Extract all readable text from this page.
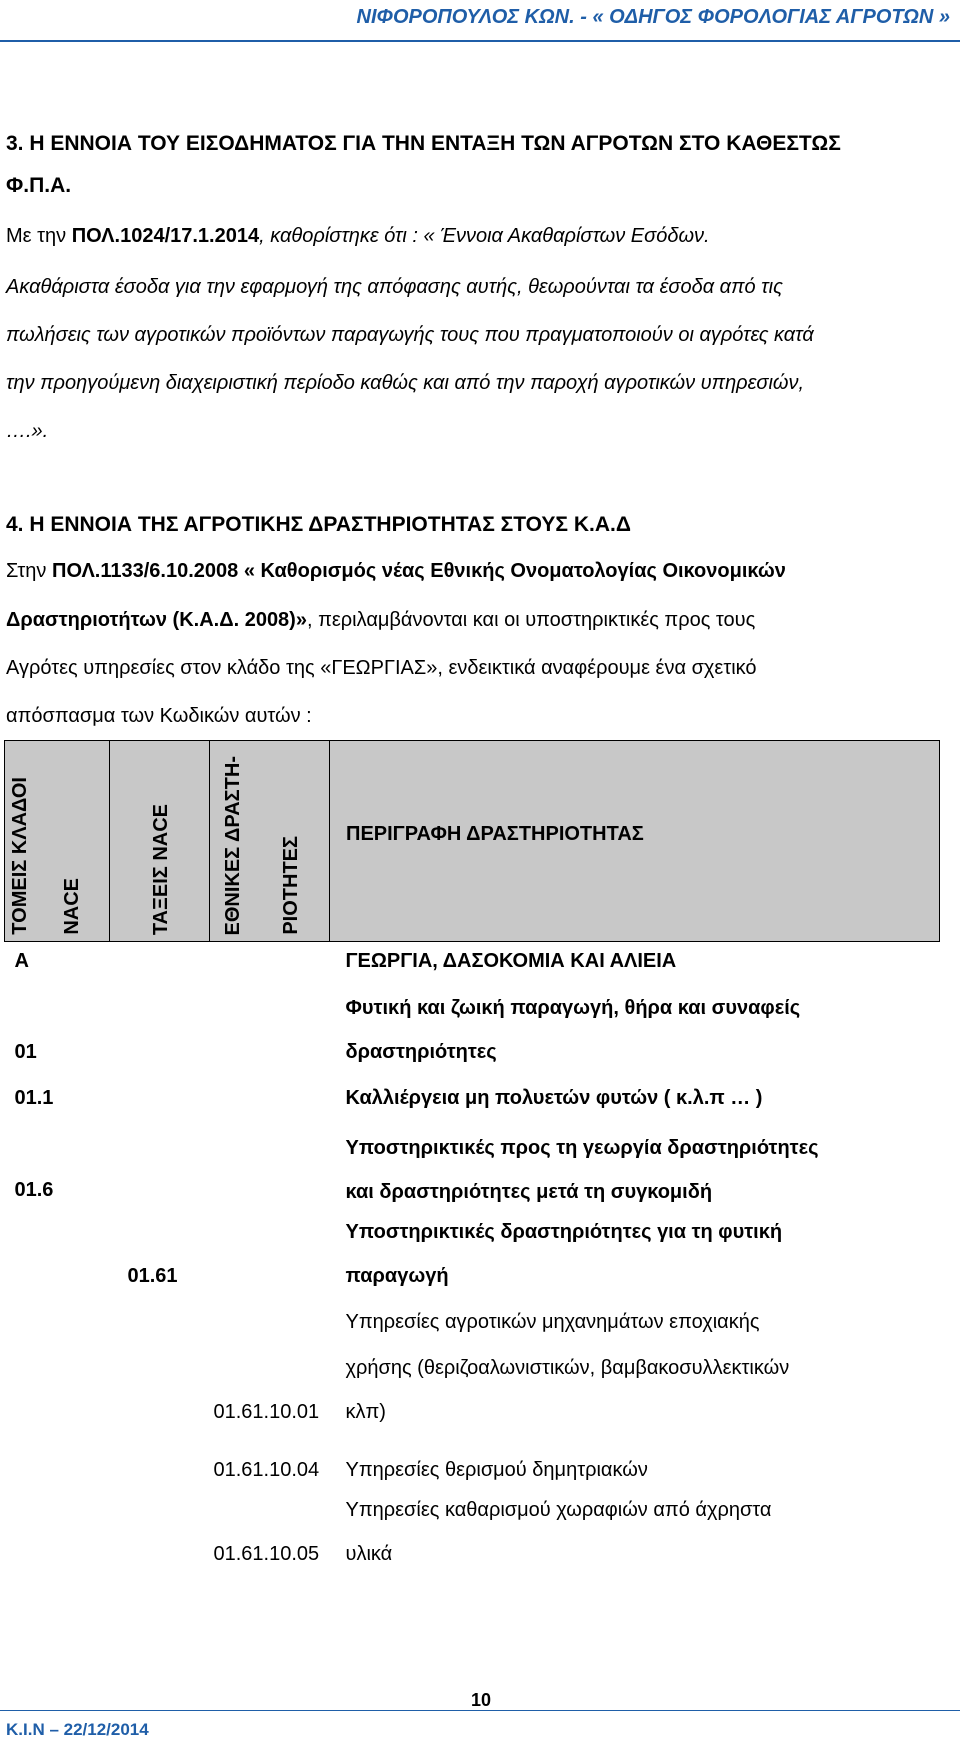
ΝΙΦΟΡΟΠΟΥΛΟΣ ΚΩΝ. - « ΟΔΗΓΟΣ ΦΟΡΟΛΟΓΙΑΣ ΑΓΡΟΤΩΝ »
3. Η ΕΝΝΟΙΑ ΤΟΥ ΕΙΣΟΔΗΜΑΤΟΣ ΓΙΑ ΤΗΝ ΕΝΤΑΞΗ ΤΩΝ ΑΓΡΟΤΩΝ ΣΤΟ ΚΑΘΕΣΤΩΣ
Φ.Π.Α.
Με την ΠΟΛ.1024/17.1.2014, καθορίστηκε ότι : « Έννοια Ακαθαρίστων Εσόδων.
Ακαθάριστα έσοδα για την εφαρμογή της απόφασης αυτής, θεωρούνται τα έσοδα από τις
πωλήσεις των αγροτικών προϊόντων παραγωγής τους που πραγματοποιούν οι αγρότες κατά
την προηγούμενη διαχειριστική περίοδο καθώς και από την παροχή αγροτικών υπηρεσιών,
….».
4. Η ΕΝΝΟΙΑ ΤΗΣ ΑΓΡΟΤΙΚΗΣ ΔΡΑΣΤΗΡΙΟΤΗΤΑΣ ΣΤΟΥΣ Κ.Α.Δ
Στην ΠΟΛ.1133/6.10.2008 « Καθορισμός νέας Εθνικής Ονοματολογίας Οικονομικών
Δραστηριοτήτων (Κ.Α.Δ. 2008)», περιλαμβάνονται και οι υποστηρικτικές προς τους
Αγρότες υπηρεσίες στον κλάδο της «ΓΕΩΡΓΙΑΣ», ενδεικτικά αναφέρουμε ένα σχετικό
απόσπασμα των Κωδικών αυτών :
ΤΟΜΕΙΣ ΚΛΑΔΟΙ NACE	ΤΑΞΕΙΣ NACE	ΕΘΝΙΚΕΣ ΔΡΑΣΤΗ- ΡΙΟΤΗΤΕΣ	ΠΕΡΙΓΡΑΦΗ ΔΡΑΣΤΗΡΙΟΤΗΤΑΣ

Α			ΓΕΩΡΓΙΑ, ΔΑΣΟΚΟΜΙΑ ΚΑΙ ΑΛΙΕΙΑ

01			Φυτική και ζωική παραγωγή, θήρα και συναφείς
δραστηριότητες

01.1			Καλλιέργεια μη πολυετών φυτών ( κ.λ.π … )

01.6			Υποστηρικτικές προς τη γεωργία δραστηριότητες
και δραστηριότητες μετά τη συγκομιδή

	01.61		Υποστηρικτικές δραστηριότητες για τη φυτική
παραγωγή

		01.61.10.01	Υπηρεσίες αγροτικών μηχανημάτων εποχιακής
χρήσης (θεριζοαλωνιστικών, βαμβακοσυλλεκτικών
κλπ)

		01.61.10.04	Υπηρεσίες θερισμού δημητριακών

		01.61.10.05	Υπηρεσίες καθαρισμού χωραφιών από άχρηστα
υλικά
10
Κ.Ι.Ν – 22/12/2014
